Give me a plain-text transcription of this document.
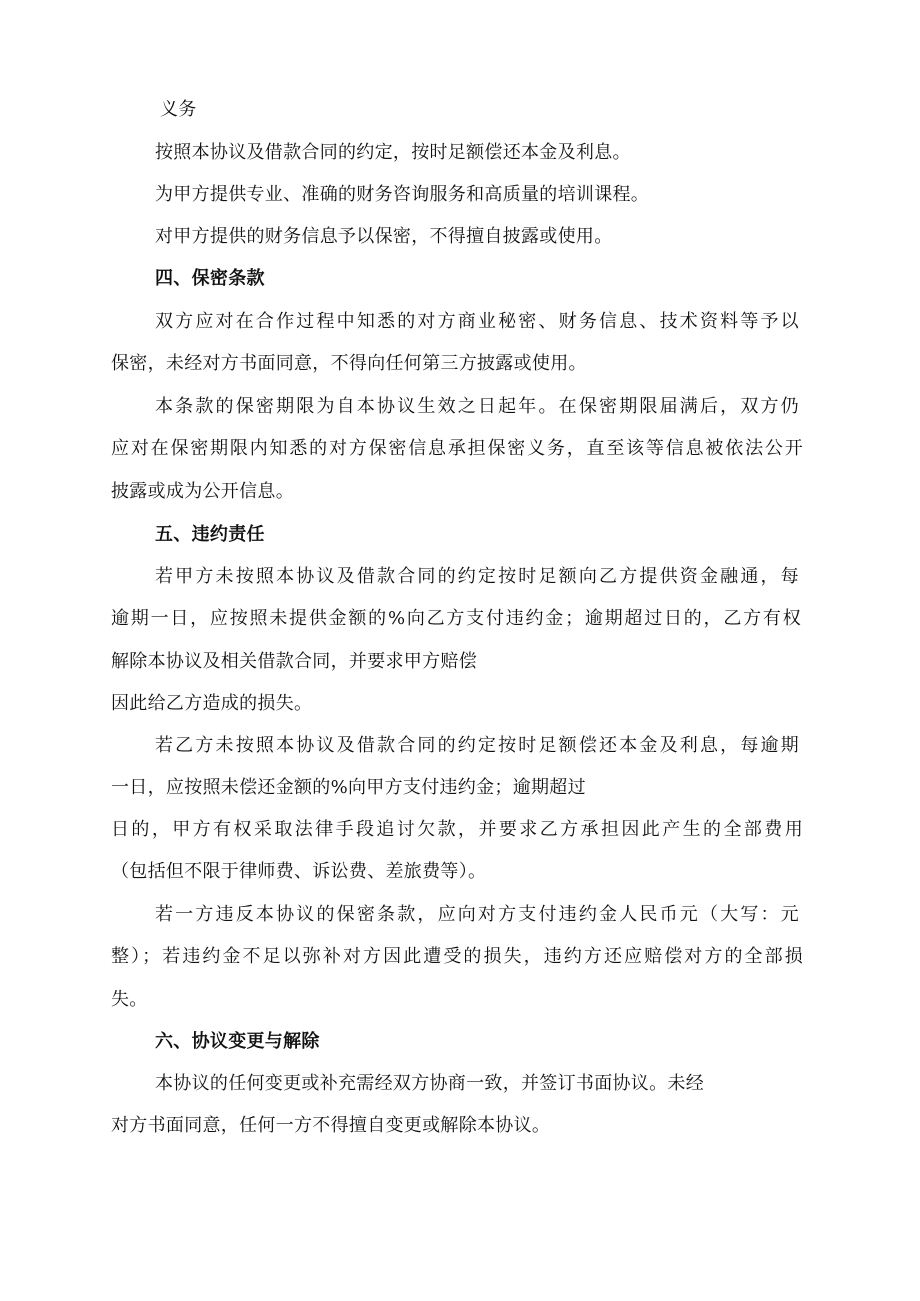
义务
按照本协议及借款合同的约定，按时足额偿还本金及利息。
为甲方提供专业、准确的财务咨询服务和高质量的培训课程。
对甲方提供的财务信息予以保密，不得擅自披露或使用。
四、保密条款
双方应对在合作过程中知悉的对方商业秘密、财务信息、技术资料等予以
保密，未经对方书面同意，不得向任何第三方披露或使用。
本条款的保密期限为自本协议生效之日起年。在保密期限届满后，双方仍
应对在保密期限内知悉的对方保密信息承担保密义务，直至该等信息被依法公开
披露或成为公开信息。
五、违约责任
若甲方未按照本协议及借款合同的约定按时足额向乙方提供资金融通，每
逾期一日，应按照未提供金额的%向乙方支付违约金；逾期超过日的，乙方有权
解除本协议及相关借款合同，并要求甲方赔偿
因此给乙方造成的损失。
若乙方未按照本协议及借款合同的约定按时足额偿还本金及利息，每逾期
一日，应按照未偿还金额的%向甲方支付违约金；逾期超过
日的，甲方有权采取法律手段追讨欠款，并要求乙方承担因此产生的全部费用
（包括但不限于律师费、诉讼费、差旅费等）。
若一方违反本协议的保密条款，应向对方支付违约金人民币元（大写：元
整）；若违约金不足以弥补对方因此遭受的损失，违约方还应赔偿对方的全部损
失。
六、协议变更与解除
本协议的任何变更或补充需经双方协商一致，并签订书面协议。未经
对方书面同意，任何一方不得擅自变更或解除本协议。
